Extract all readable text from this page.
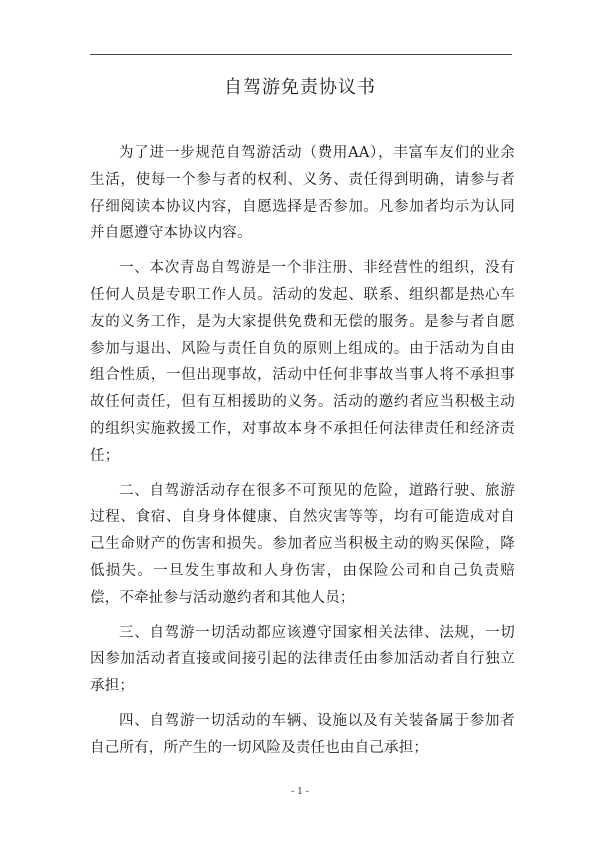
自驾游免责协议书

为了进一步规范自驾游活动（费用AA），丰富车友们的业余生活，使每一个参与者的权利、义务、责任得到明确，请参与者仔细阅读本协议内容，自愿选择是否参加。凡参加者均示为认同并自愿遵守本协议内容。

一、本次青岛自驾游是一个非注册、非经营性的组织，没有任何人员是专职工作人员。活动的发起、联系、组织都是热心车友的义务工作，是为大家提供免费和无偿的服务。是参与者自愿参加与退出、风险与责任自负的原则上组成的。由于活动为自由组合性质，一但出现事故，活动中任何非事故当事人将不承担事故任何责任，但有互相援助的义务。活动的邀约者应当积极主动的组织实施救援工作，对事故本身不承担任何法律责任和经济责任；

二、自驾游活动存在很多不可预见的危险，道路行驶、旅游过程、食宿、自身身体健康、自然灾害等等，均有可能造成对自己生命财产的伤害和损失。参加者应当积极主动的购买保险，降低损失。一旦发生事故和人身伤害，由保险公司和自己负责赔偿，不牵扯参与活动邀约者和其他人员；

三、自驾游一切活动都应该遵守国家相关法律、法规，一切因参加活动者直接或间接引起的法律责任由参加活动者自行独立承担；

四、自驾游一切活动的车辆、设施以及有关装备属于参加者自己所有，所产生的一切风险及责任也由自己承担；

- 1 -
